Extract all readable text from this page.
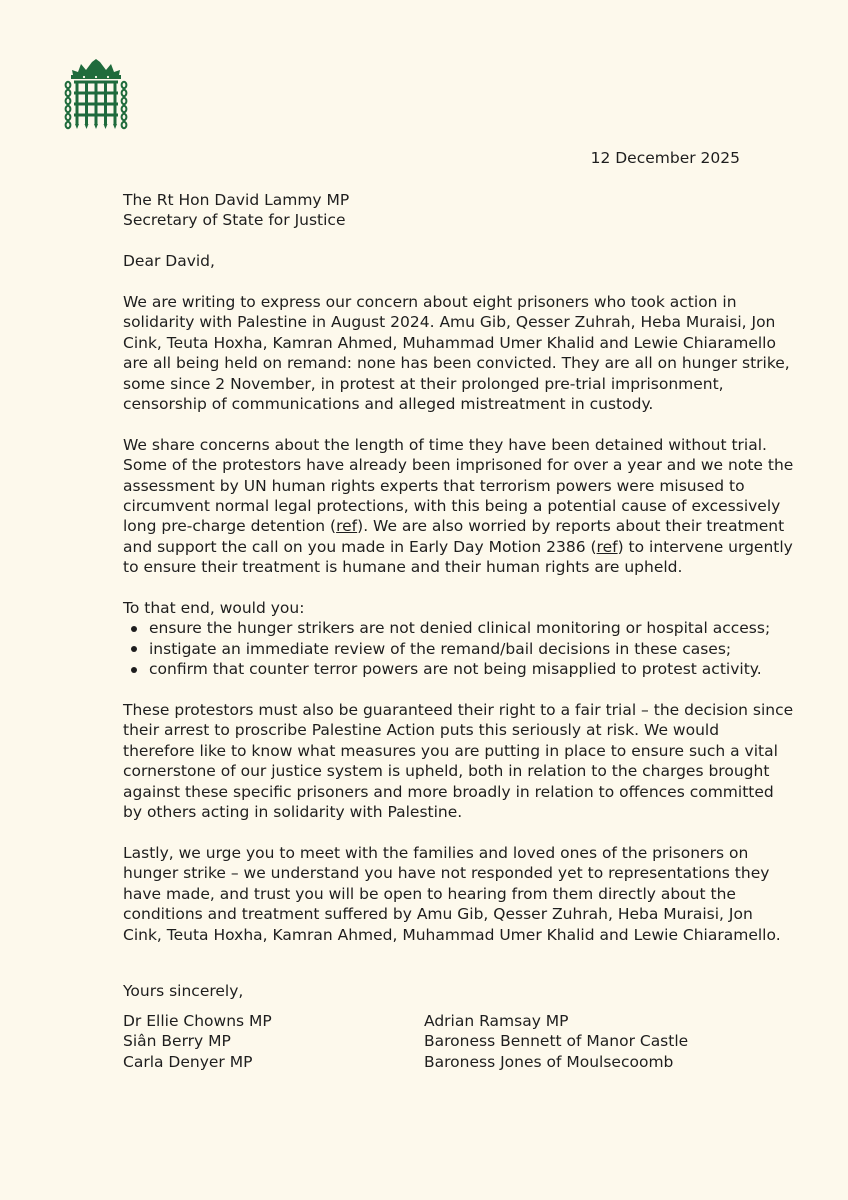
12 December 2025
The Rt Hon David Lammy MP
Secretary of State for Justice

Dear David,

We are writing to express our concern about eight prisoners who took action in
solidarity with Palestine in August 2024. Amu Gib, Qesser Zuhrah, Heba Muraisi, Jon
Cink, Teuta Hoxha, Kamran Ahmed, Muhammad Umer Khalid and Lewie Chiaramello
are all being held on remand: none has been convicted. They are all on hunger strike,
some since 2 November, in protest at their prolonged pre-trial imprisonment,
censorship of communications and alleged mistreatment in custody.

We share concerns about the length of time they have been detained without trial.
Some of the protestors have already been imprisoned for over a year and we note the
assessment by UN human rights experts that terrorism powers were misused to
circumvent normal legal protections, with this being a potential cause of excessively
long pre-charge detention (ref). We are also worried by reports about their treatment
and support the call on you made in Early Day Motion 2386 (ref) to intervene urgently
to ensure their treatment is humane and their human rights are upheld.

To that end, would you:
ensure the hunger strikers are not denied clinical monitoring or hospital access;
instigate an immediate review of the remand/bail decisions in these cases;
confirm that counter terror powers are not being misapplied to protest activity.

These protestors must also be guaranteed their right to a fair trial – the decision since
their arrest to proscribe Palestine Action puts this seriously at risk. We would
therefore like to know what measures you are putting in place to ensure such a vital
cornerstone of our justice system is upheld, both in relation to the charges brought
against these specific prisoners and more broadly in relation to offences committed
by others acting in solidarity with Palestine.

Lastly, we urge you to meet with the families and loved ones of the prisoners on
hunger strike – we understand you have not responded yet to representations they
have made, and trust you will be open to hearing from them directly about the
conditions and treatment suffered by Amu Gib, Qesser Zuhrah, Heba Muraisi, Jon
Cink, Teuta Hoxha, Kamran Ahmed, Muhammad Umer Khalid and Lewie Chiaramello.

Yours sincerely,
Dr Ellie Chowns MP
Siân Berry MP
Carla Denyer MP
Adrian Ramsay MP
Baroness Bennett of Manor Castle
Baroness Jones of Moulsecoomb
